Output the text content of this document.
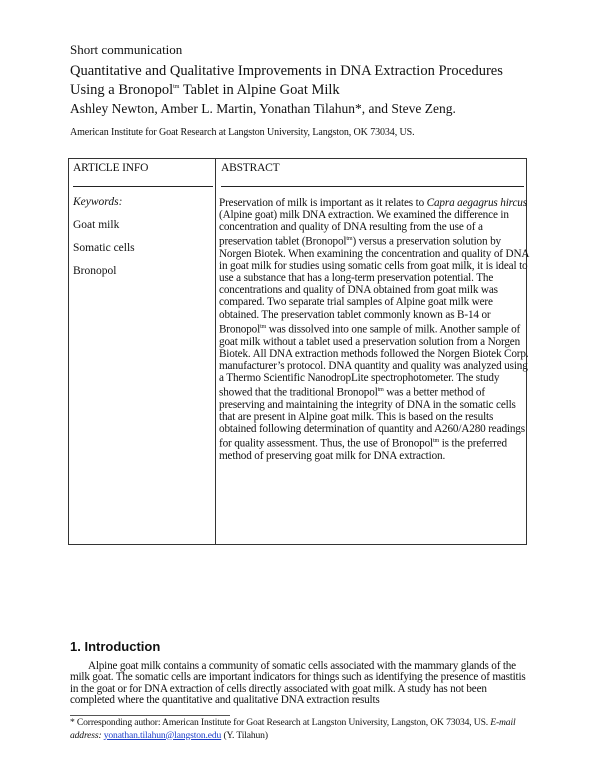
Short communication
Quantitative and Qualitative Improvements in DNA Extraction Procedures Using a Bronopol$^{tm}$ Tablet in Alpine Goat Milk
Ashley Newton, Amber L. Martin, Yonathan Tilahun*, and Steve Zeng.
American Institute for Goat Research at Langston University, Langston, OK 73034, US.
ARTICLE INFO	ABSTRACT
Keywords:
Goat milk
Somatic cells
Bronopol
Preservation of milk is important as it relates to Capra aegagrus hircus (Alpine goat) milk DNA extraction. We examined the difference in concentration and quality of DNA resulting from the use of a preservation tablet (Bronopol$^{tm}$) versus a preservation solution by Norgen Biotek. When examining the concentration and quality of DNA in goat milk for studies using somatic cells from goat milk, it is ideal to use a substance that has a long-term preservation potential. The concentrations and quality of DNA obtained from goat milk was compared. Two separate trial samples of Alpine goat milk were obtained. The preservation tablet commonly known as B-14 or Bronopol$^{tm}$ was dissolved into one sample of milk. Another sample of goat milk without a tablet used a preservation solution from a Norgen Biotek. All DNA extraction methods followed the Norgen Biotek Corp. manufacturer’s protocol. DNA quantity and quality was analyzed using a Thermo Scientific NanodropLite spectrophotometer. The study showed that the traditional Bronopol$^{tm}$ was a better method of preserving and maintaining the integrity of DNA in the somatic cells that are present in Alpine goat milk. This is based on the results obtained following determination of quantity and A260/A280 readings for quality assessment. Thus, the use of Bronopol$^{tm}$ is the preferred method of preserving goat milk for DNA extraction.
1. Introduction
Alpine goat milk contains a community of somatic cells associated with the mammary glands of the milk goat. The somatic cells are important indicators for things such as identifying the presence of mastitis in the goat or for DNA extraction of cells directly associated with goat milk. A study has not been completed where the quantitative and qualitative DNA extraction results
* Corresponding author: American Institute for Goat Research at Langston University, Langston, OK 73034, US. E-mail address: yonathan.tilahun@langston.edu (Y. Tilahun)
